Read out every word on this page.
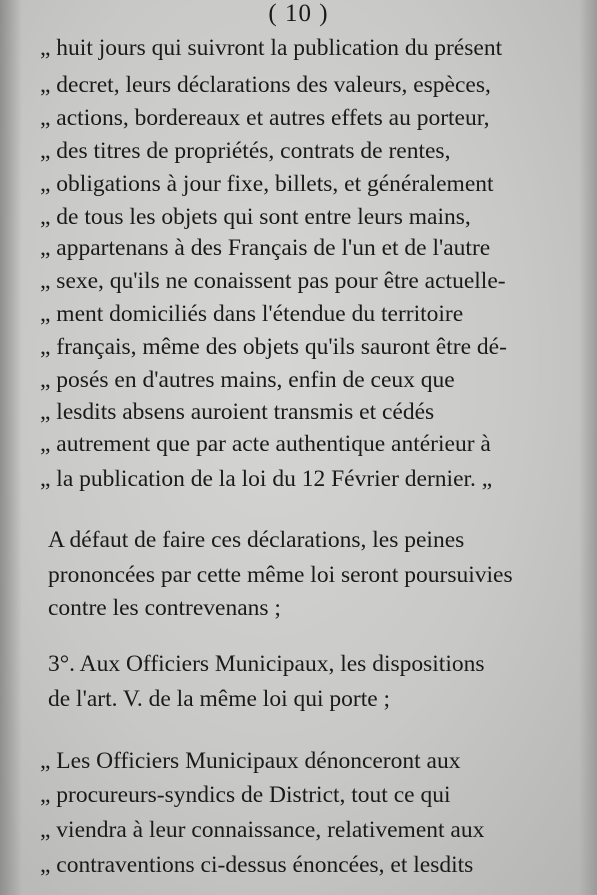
( 10 )
„ huit jours qui suivront la publication du présent
„ decret, leurs déclarations des valeurs, espèces,
„ actions, bordereaux et autres effets au porteur,
„ des titres de propriétés, contrats de rentes,
„ obligations à jour fixe, billets, et généralement
„ de tous les objets qui sont entre leurs mains,
„ appartenans à des Français de l'un et de l'autre
„ sexe, qu'ils ne conaissent pas pour être actuelle-
„ ment domiciliés dans l'étendue du territoire
„ français, même des objets qu'ils sauront être dé-
„ posés en d'autres mains, enfin de ceux que
„ lesdits absens auroient transmis et cédés
„ autrement que par acte authentique antérieur à
„ la publication de la loi du 12 Février dernier. „
A défaut de faire ces déclarations, les peines
prononcées par cette même loi seront poursuivies
contre les contrevenans ;
3°. Aux Officiers Municipaux, les dispositions
de l'art. V. de la même loi qui porte ;
„ Les Officiers Municipaux dénonceront aux
„ procureurs-syndics de District, tout ce qui
„ viendra à leur connaissance, relativement aux
„ contraventions ci-dessus énoncées, et lesdits
